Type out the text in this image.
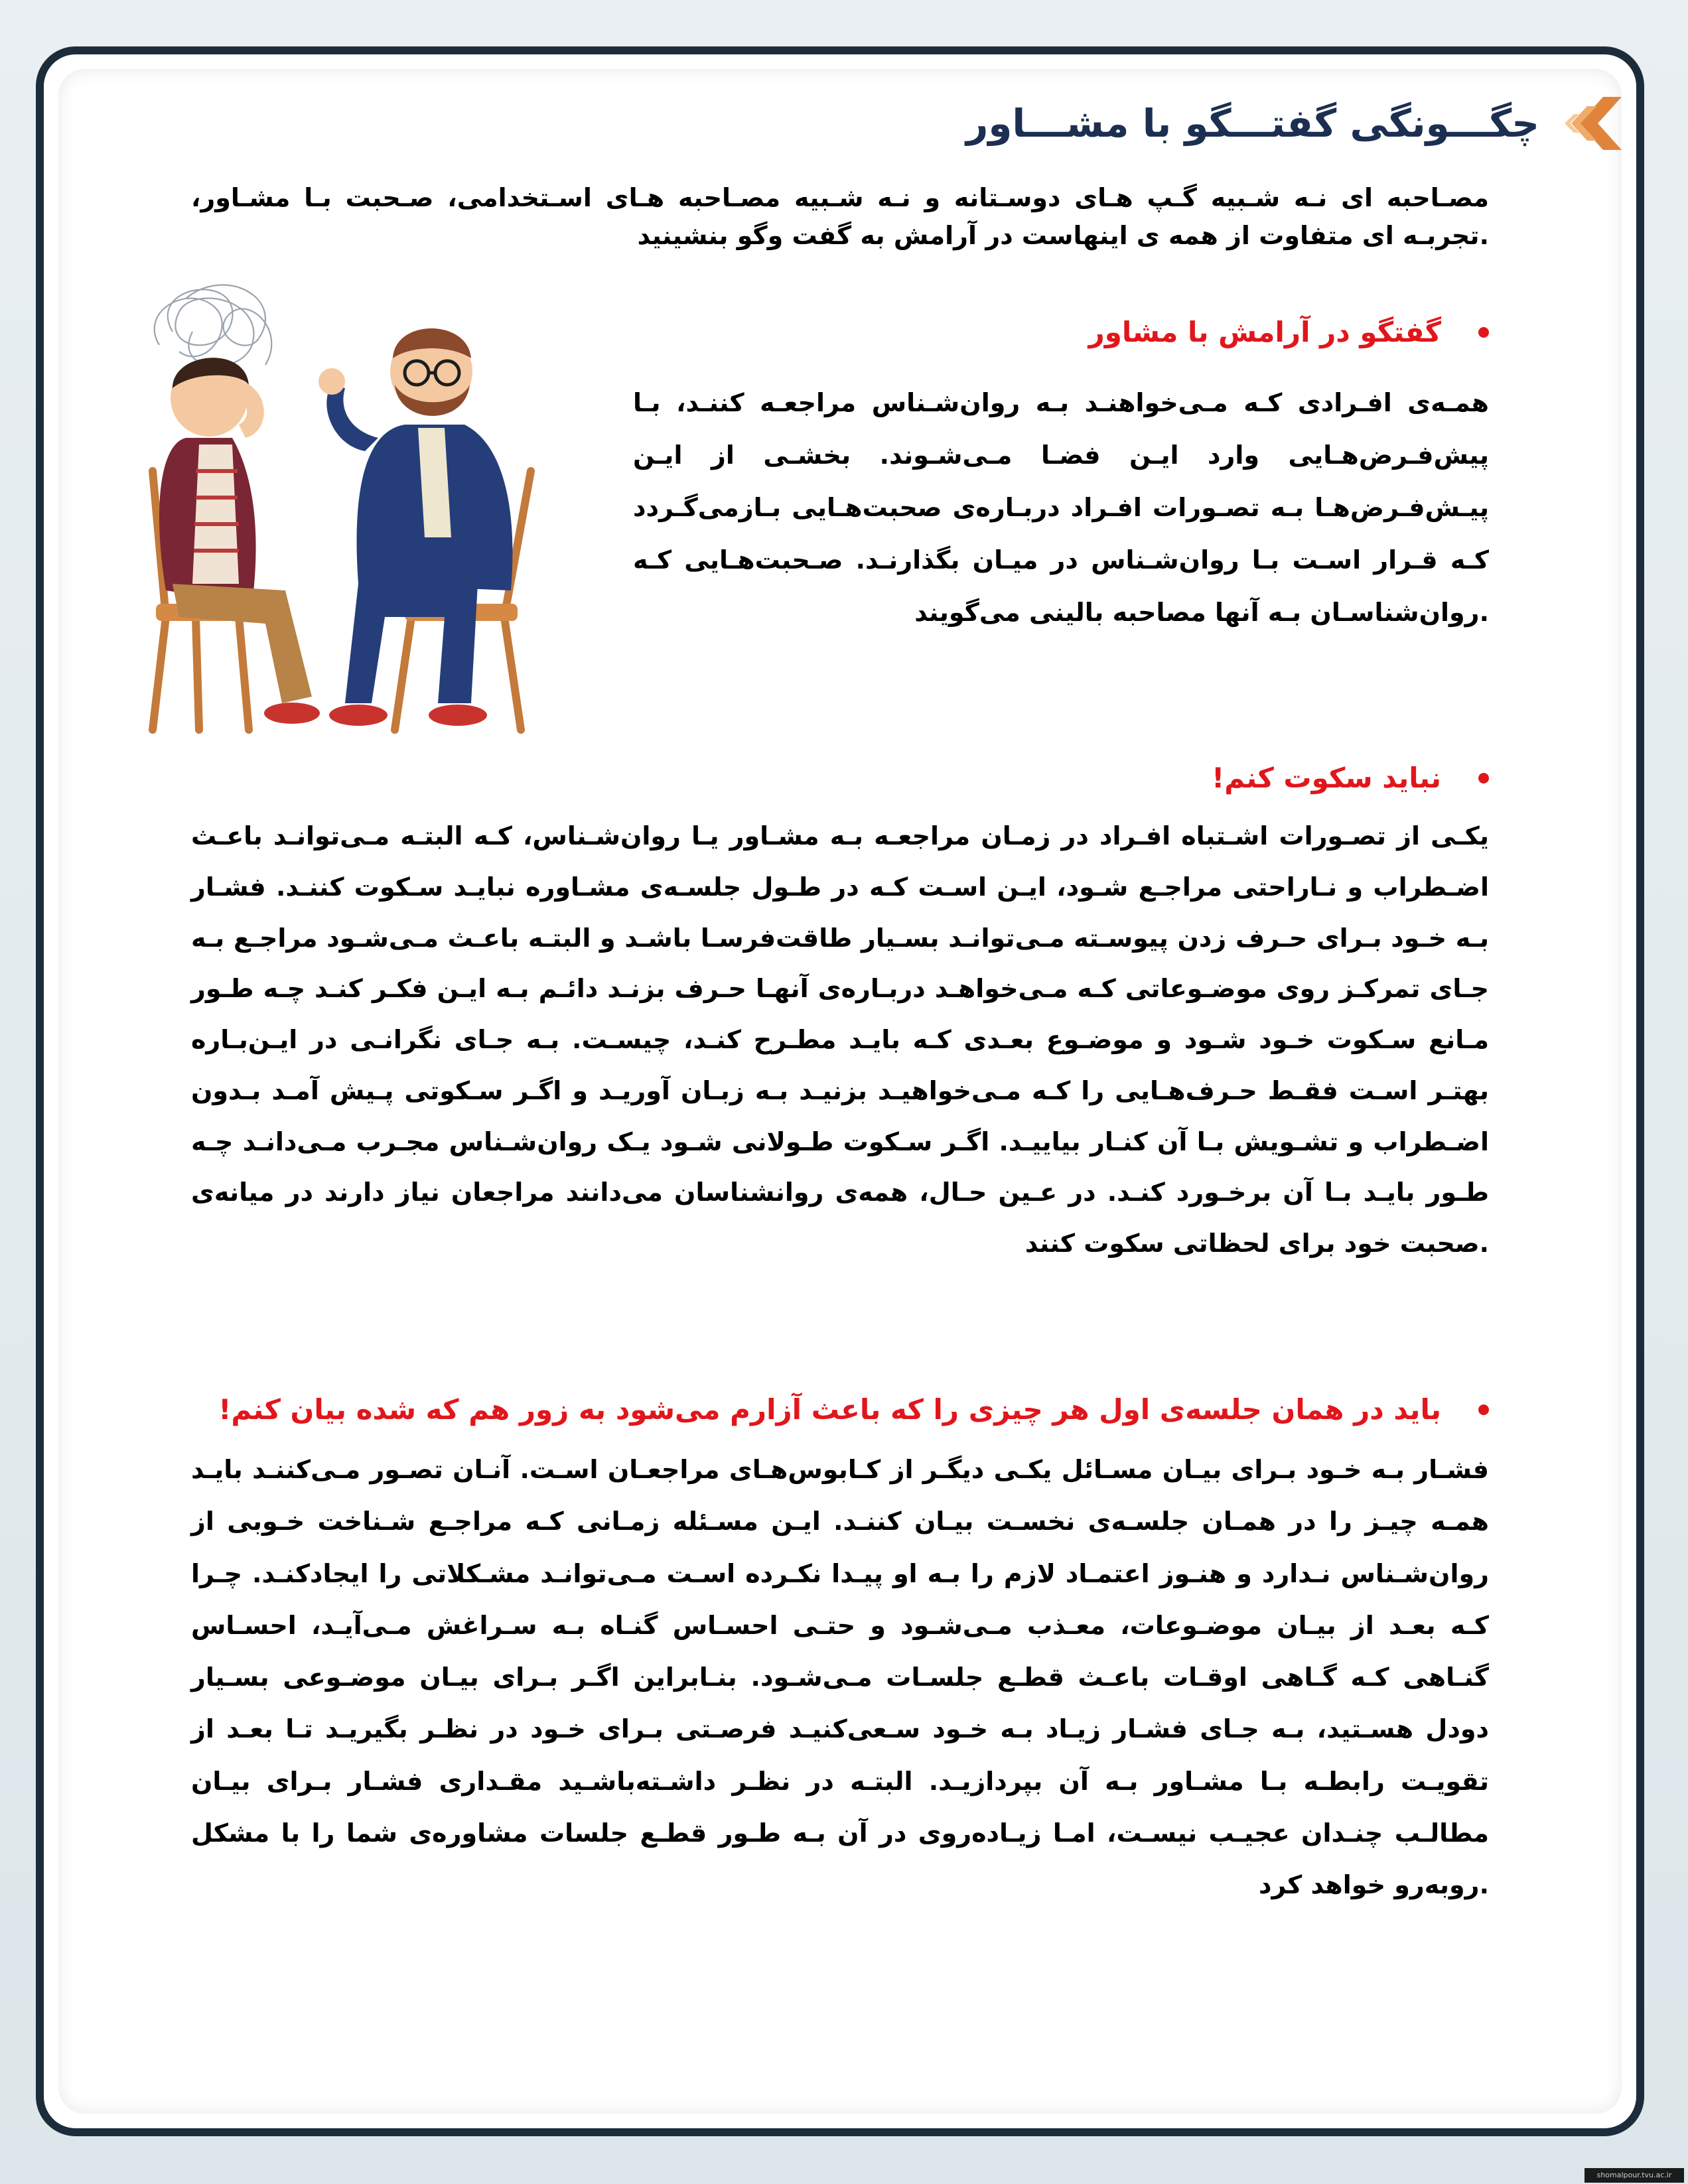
چگـــونگی گفتـــگو با مشـــاور
مصـاحبه ای نـه شـبیه گـپ هـای دوسـتانه و نـه شـبیه مصـاحبه هـای اسـتخدامی، صـحبت بـا مشـاور، تجربـه ای متفاوت از همه ی اینهاست در آرامش به گفت وگو بنشینید.
گفتگو در آرامش با مشاور
همـه‌ی افـرادی کـه مـی‌خواهنـد بـه روان‌شـناس مراجعـه کننـد، بـا پیش‌فـرض‌هـایی وارد ایـن فضـا مـی‌شـوند. بخشـی از ایـن پیـش‌فـرض‌هـا بـه تصـورات افـراد دربـاره‌ی صحبت‌هـایی بـازمی‌گـردد کـه قـرار اسـت بـا روان‌شـناس در میـان بگذارنـد. صـحبت‌هـایی کـه روان‌شناسـان بـه آنها مصاحبه بالینی می‌گویند.
نباید سکوت کنم!
یکـی از تصـورات اشـتباه افـراد در زمـان مراجعـه بـه مشـاور یـا روان‌شـناس، کـه البتـه مـی‌توانـد باعـث اضـطراب و نـاراحتی مراجـع شـود، ایـن اسـت کـه در طـول جلسـه‌ی مشـاوره نبایـد سـکوت کننـد. فشـار بـه خـود بـرای حـرف زدن پیوسـته مـی‌توانـد بسـیار طاقت‌فرسـا باشـد و البتـه باعـث مـی‌شـود مراجـع بـه جـای تمرکـز روی موضـوعاتی کـه مـی‌خواهـد دربـاره‌ی آنهـا حـرف بزنـد دائـم بـه ایـن فکـر کنـد چـه طـور مـانع سـکوت خـود شـود و موضـوع بعـدی کـه بایـد مطـرح کنـد، چیسـت. بـه جـای نگرانـی در ایـن‌بـاره بهتـر اسـت فقـط حـرف‌هـایی را کـه مـی‌خواهیـد بزنیـد بـه زبـان آوریـد و اگـر سـکوتی پـیش آمـد بـدون اضـطراب و تشـویش بـا آن کنـار بیاییـد. اگـر سـکوت طـولانی شـود یـک روان‌شـناس مجـرب مـی‌دانـد چـه طـور بایـد بـا آن برخـورد کنـد. در عـین حـال، همه‌ی روانشناسان می‌دانند مراجعان نیاز دارند در میانه‌ی صحبت خود برای لحظاتی سکوت کنند.
باید در همان جلسه‌ی اول هر چیزی را که باعث آزارم می‌شود به زور هم که شده بیان کنم!
فشـار بـه خـود بـرای بیـان مسـائل یکـی دیگـر از کـابوس‌هـای مراجعـان اسـت. آنـان تصـور مـی‌کننـد بایـد همـه چیـز را در همـان جلسـه‌ی نخسـت بیـان کننـد. ایـن مسـئله زمـانی کـه مراجـع شـناخت خـوبی از روان‌شـناس نـدارد و هنـوز اعتمـاد لازم را بـه او پیـدا نکـرده اسـت مـی‌توانـد مشـکلاتی را ایجادکنـد. چـرا کـه بعـد از بیـان موضـوعات، معـذب مـی‌شـود و حتـی احسـاس گنـاه بـه سـراغش مـی‌آیـد، احسـاس گنـاهی کـه گـاهی اوقـات باعـث قطـع جلسـات مـی‌شـود. بنـابراین اگـر بـرای بیـان موضـوعی بسـیار دودل هسـتید، بـه جـای فشـار زیـاد بـه خـود سـعی‌کنیـد فرصـتی بـرای خـود در نظـر بگیریـد تـا بعـد از تقویـت رابطـه بـا مشـاور بـه آن بپردازیـد. البتـه در نظـر داشـته‌باشـید مقـداری فشـار بـرای بیـان مطالـب چنـدان عجیـب نیسـت، امـا زیـاده‌روی در آن بـه طـور قطـع جلسات مشاوره‌ی شما را با مشکل روبه‌رو خواهد کرد.
shomalpour.tvu.ac.ir
